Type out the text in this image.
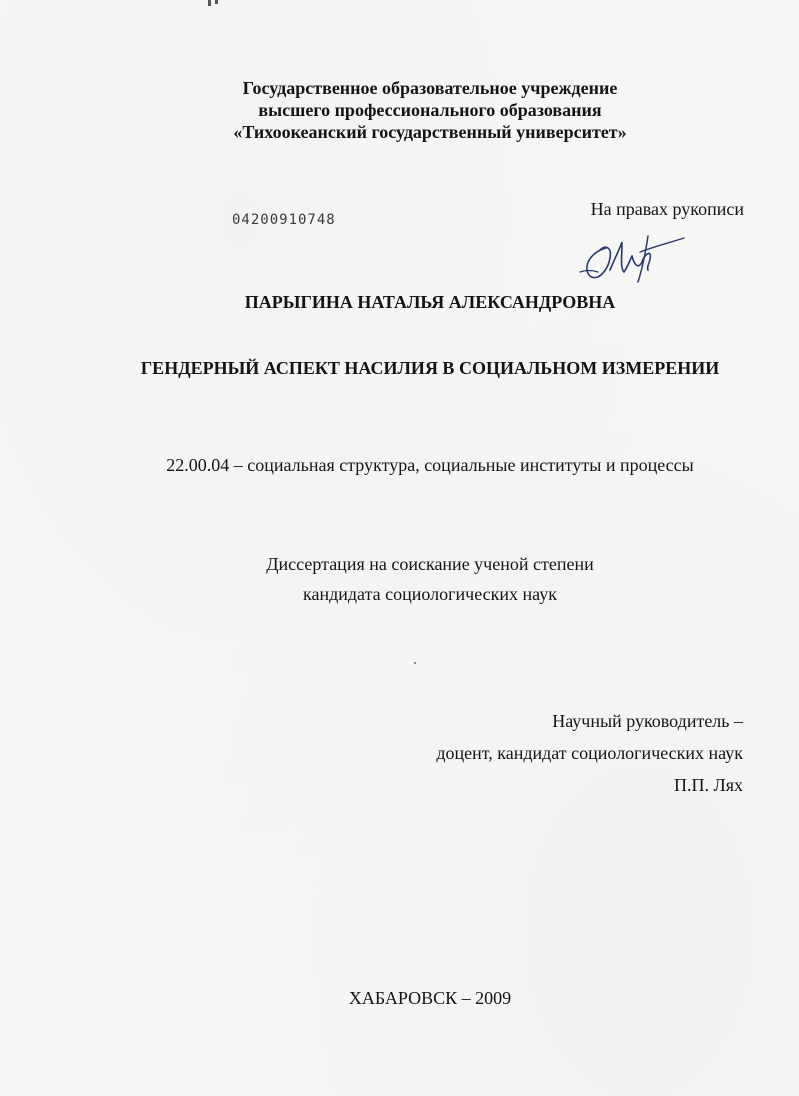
Государственное образовательное учреждение
высшего профессионального образования
«Тихоокеанский государственный университет»
04200910748
На правах рукописи
ПАРЫГИНА НАТАЛЬЯ АЛЕКСАНДРОВНА
ГЕНДЕРНЫЙ АСПЕКТ НАСИЛИЯ В СОЦИАЛЬНОМ ИЗМЕРЕНИИ
22.00.04 – социальная структура, социальные институты и процессы
Диссертация на соискание ученой степени
кандидата социологических наук
Научный руководитель –
доцент, кандидат социологических наук
П.П. Лях
ХАБАРОВСК – 2009
